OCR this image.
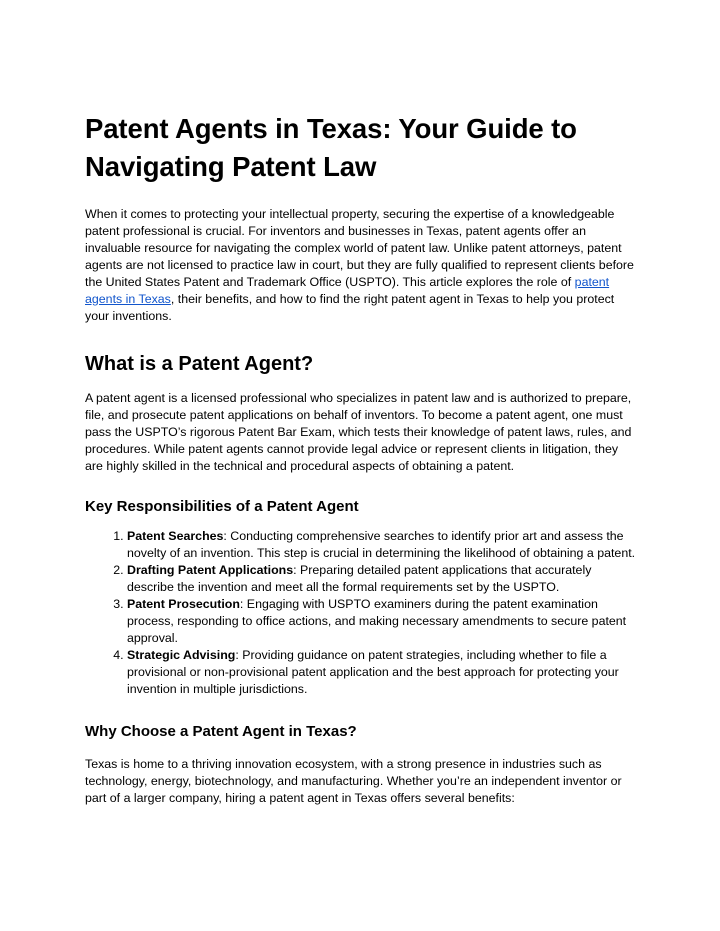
Patent Agents in Texas: Your Guide to Navigating Patent Law

When it comes to protecting your intellectual property, securing the expertise of a knowledgeable patent professional is crucial. For inventors and businesses in Texas, patent agents offer an invaluable resource for navigating the complex world of patent law. Unlike patent attorneys, patent agents are not licensed to practice law in court, but they are fully qualified to represent clients before the United States Patent and Trademark Office (USPTO). This article explores the role of patent agents in Texas, their benefits, and how to find the right patent agent in Texas to help you protect your inventions.

What is a Patent Agent?

A patent agent is a licensed professional who specializes in patent law and is authorized to prepare, file, and prosecute patent applications on behalf of inventors. To become a patent agent, one must pass the USPTO’s rigorous Patent Bar Exam, which tests their knowledge of patent laws, rules, and procedures. While patent agents cannot provide legal advice or represent clients in litigation, they are highly skilled in the technical and procedural aspects of obtaining a patent.

Key Responsibilities of a Patent Agent
1. Patent Searches: Conducting comprehensive searches to identify prior art and assess the novelty of an invention. This step is crucial in determining the likelihood of obtaining a patent.
2. Drafting Patent Applications: Preparing detailed patent applications that accurately describe the invention and meet all the formal requirements set by the USPTO.
3. Patent Prosecution: Engaging with USPTO examiners during the patent examination process, responding to office actions, and making necessary amendments to secure patent approval.
4. Strategic Advising: Providing guidance on patent strategies, including whether to file a provisional or non-provisional patent application and the best approach for protecting your invention in multiple jurisdictions.
Why Choose a Patent Agent in Texas?

Texas is home to a thriving innovation ecosystem, with a strong presence in industries such as technology, energy, biotechnology, and manufacturing. Whether you’re an independent inventor or part of a larger company, hiring a patent agent in Texas offers several benefits:
